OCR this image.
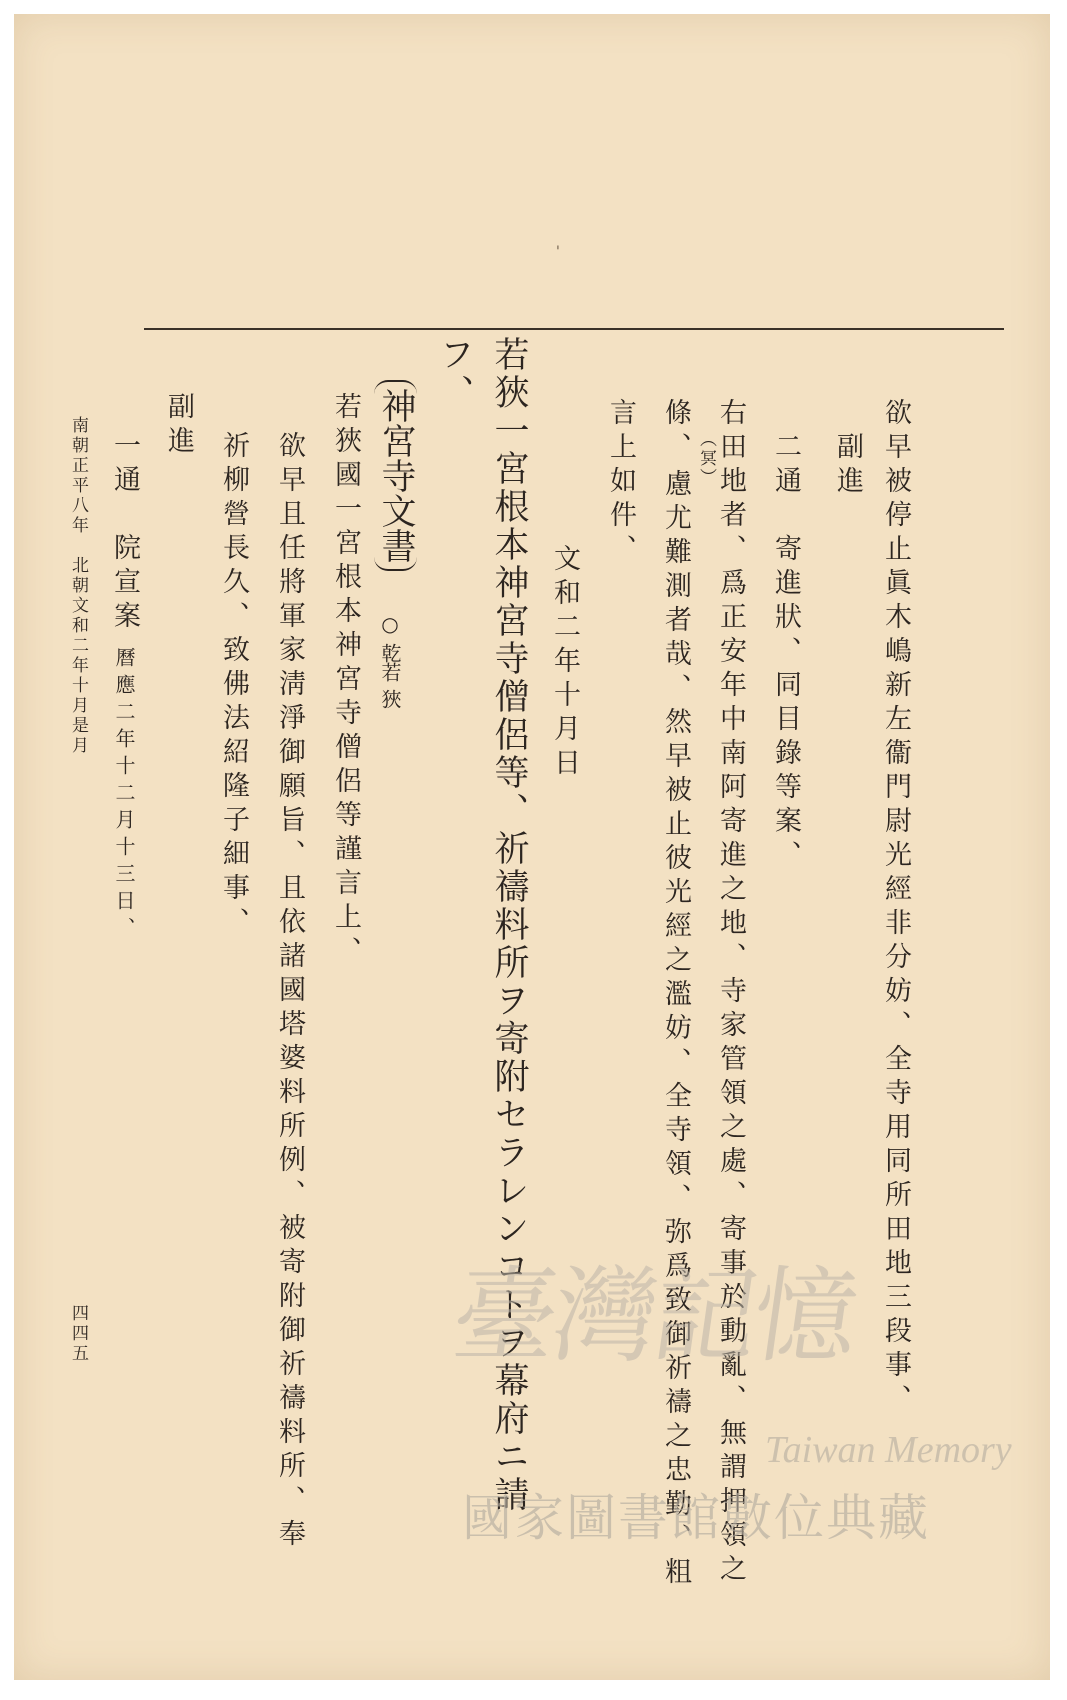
'
欲早被停止眞木嶋新左衞門尉光經非分妨、全寺用同所田地三段事、
副進
二通　寄進狀、同目錄等案、
右田地者、爲正安年中南阿寄進之地、寺家管領之處、寄事於動亂、無謂押領之
條、 （冥）
慮尤難測者哉、然早被止彼光經之濫妨、全寺領、弥爲致御祈禱之忠勤、粗
言上如件、
文和二年十月日
若狹一宮根本神宮寺僧侶等、祈禱料所ヲ寄附セラレンコトヲ幕府ニ請
フ、
神宮寺文書
○乾
若狹
若狹國一宮根本神宮寺僧侶等謹言上、
欲早且任將軍家淸淨御願旨、且依諸國塔婆料所例、被寄附御祈禱料所、奉
祈柳營長久、致佛法紹隆子細事、
副進
一通　院宣案
曆應二年十二月十三日、
南朝正平八年　北朝文和二年十月是月
四四五	臺灣記憶
Taiwan Memory
國家圖書館數位典藏
